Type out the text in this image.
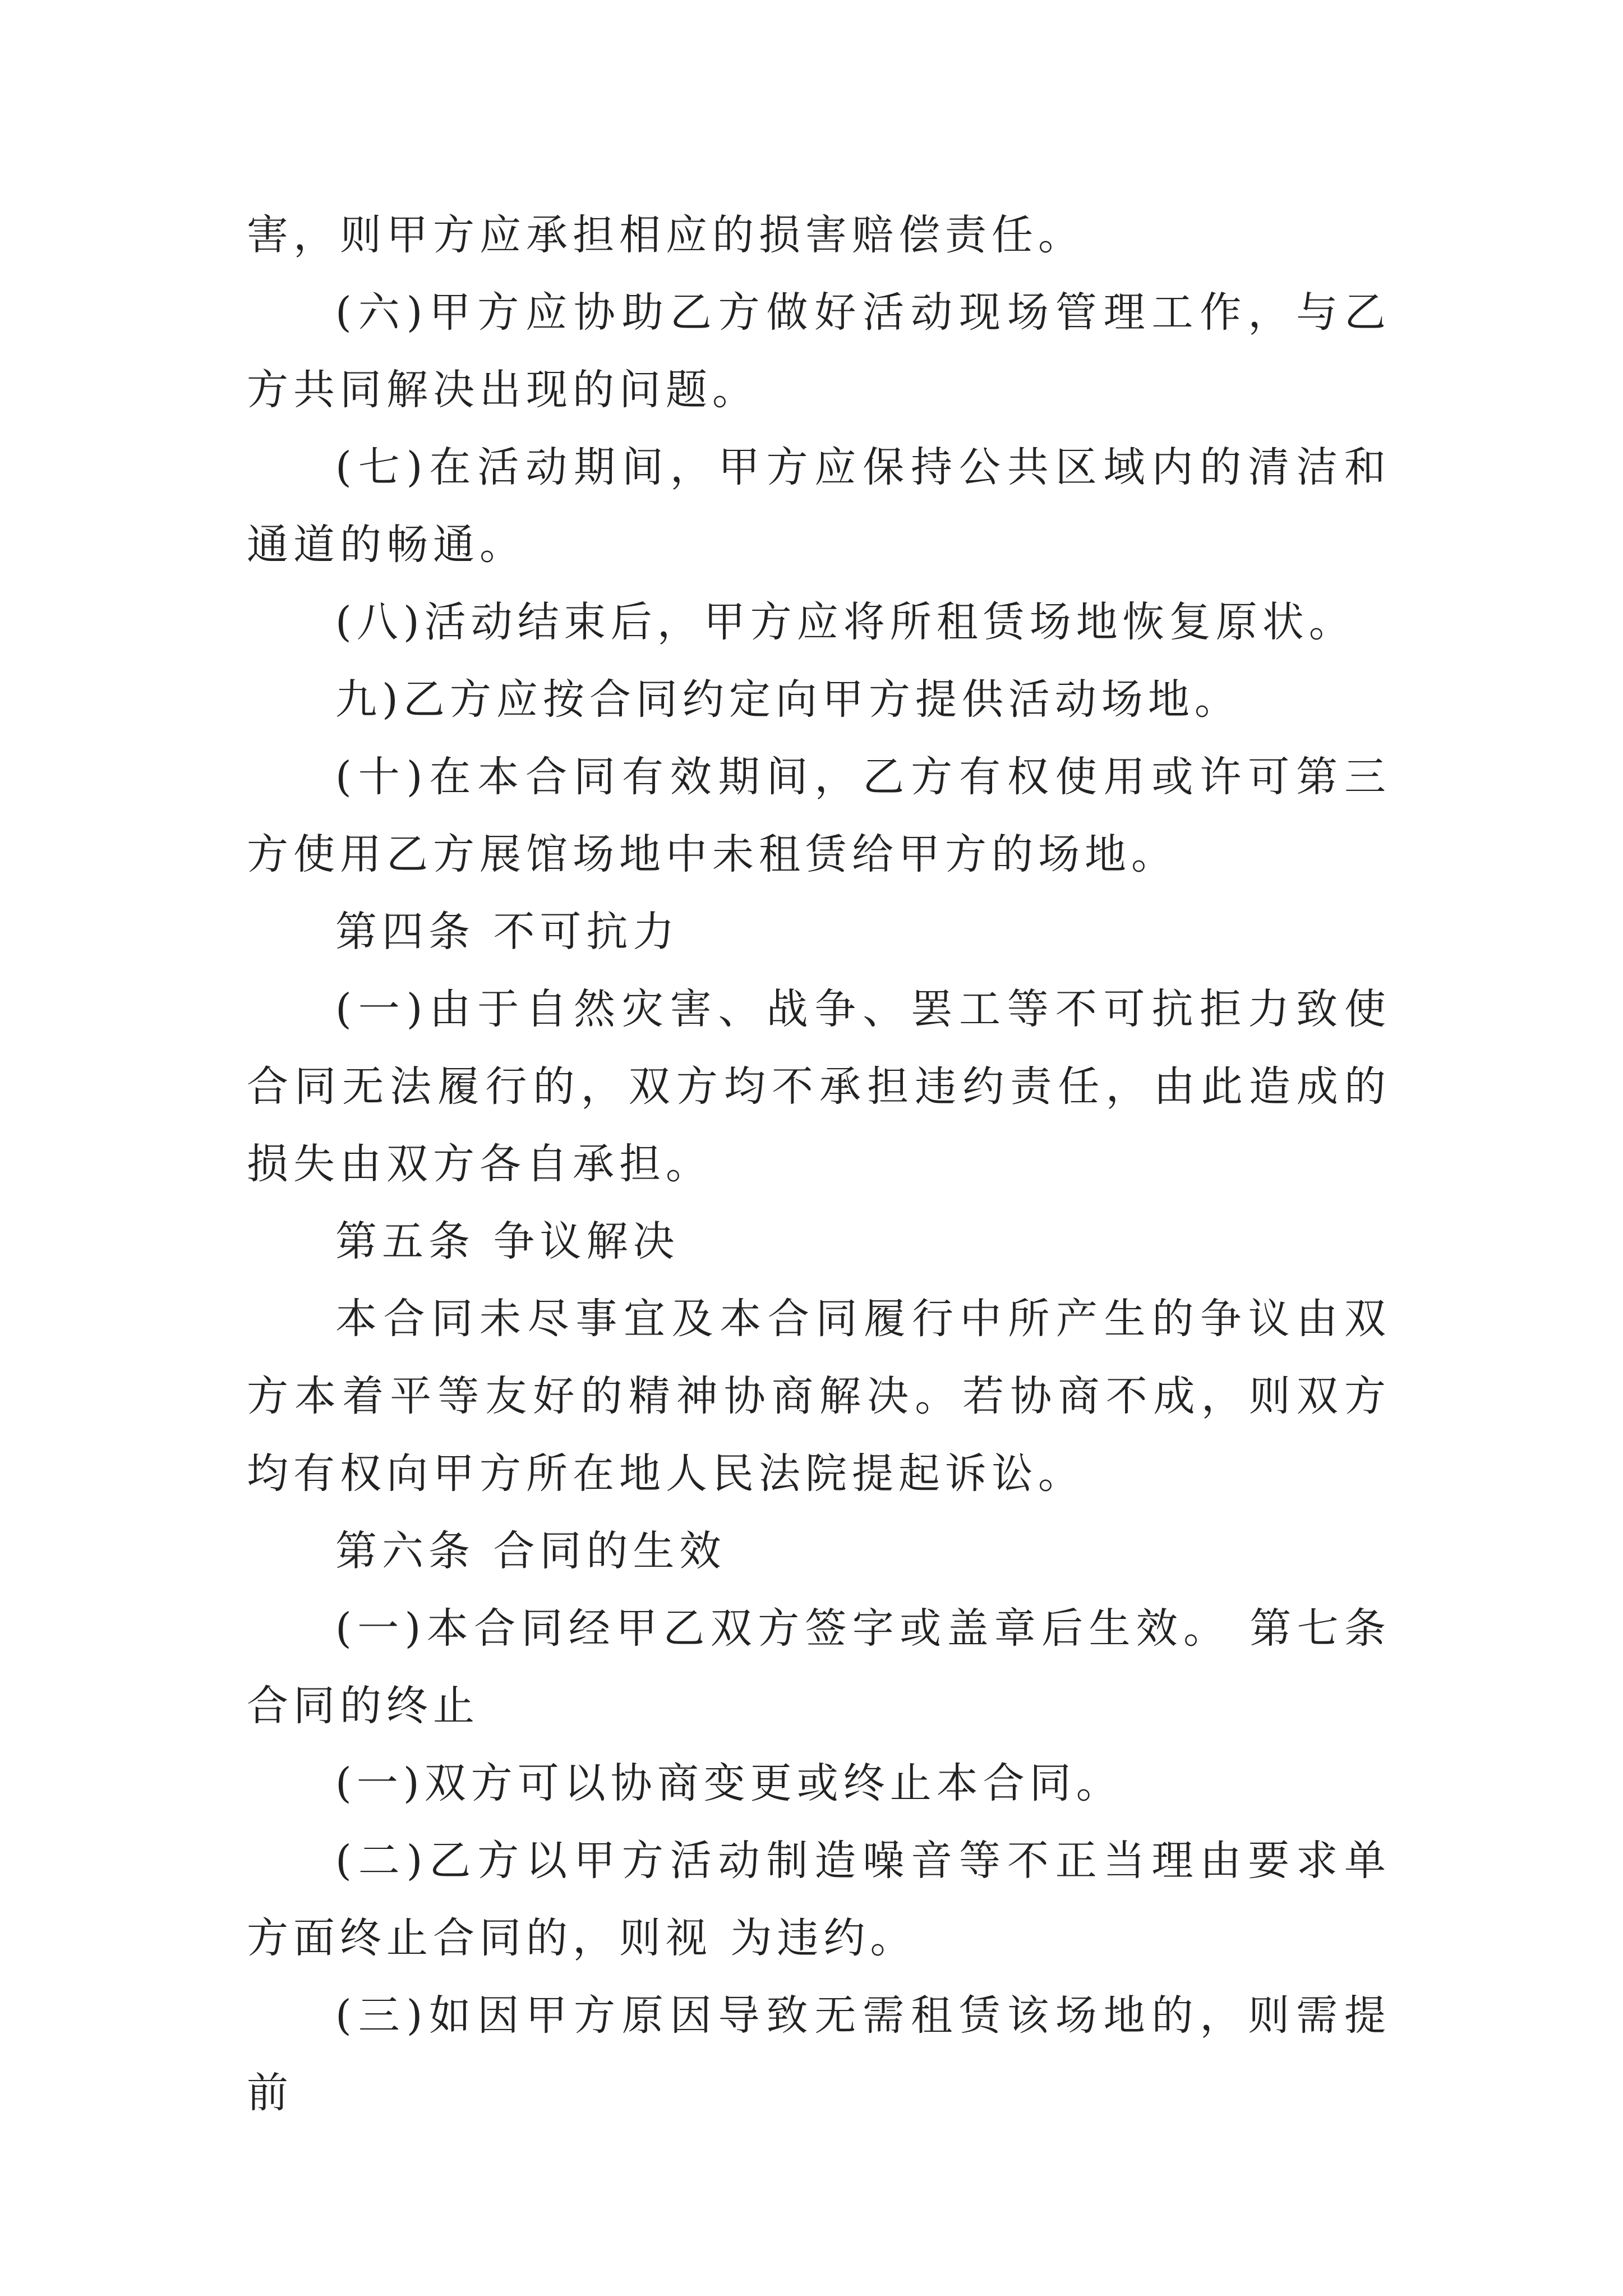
害，则甲方应承担相应的损害赔偿责任。

(六)甲方应协助乙方做好活动现场管理工作，与乙方共同解决出现的问题。

(七)在活动期间，甲方应保持公共区域内的清洁和通道的畅通。

(八)活动结束后，甲方应将所租赁场地恢复原状。

九)乙方应按合同约定向甲方提供活动场地。

(十)在本合同有效期间，乙方有权使用或许可第三方使用乙方展馆场地中未租赁给甲方的场地。

第四条 不可抗力

(一)由于自然灾害、战争、罢工等不可抗拒力致使合同无法履行的，双方均不承担违约责任，由此造成的损失由双方各自承担。

第五条 争议解决

本合同未尽事宜及本合同履行中所产生的争议由双方本着平等友好的精神协商解决。若协商不成，则双方均有权向甲方所在地人民法院提起诉讼。

第六条 合同的生效

(一)本合同经甲乙双方签字或盖章后生效。 第七条 合同的终止

(一)双方可以协商变更或终止本合同。

(二)乙方以甲方活动制造噪音等不正当理由要求单方面终止合同的，则视 为违约。

(三)如因甲方原因导致无需租赁该场地的，则需提前
